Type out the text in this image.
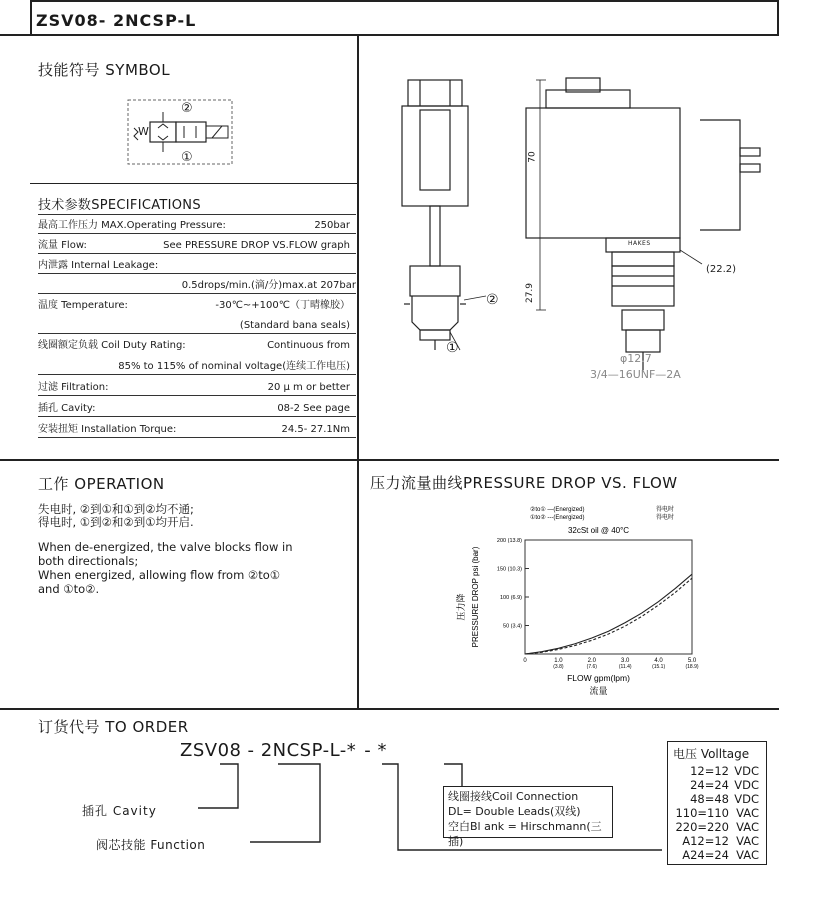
ZSV08- 2NCSP-L
技能符号 SYMBOL
②
①
W
技术参数SPECIFICATIONS
最高工作压力 MAX.Operating Pressure:	250bar
流量 Flow:	See PRESSURE DROP VS.FLOW graph
内泄露 Internal Leakage:
0.5drops/min.(滴/分)max.at 207bar
温度 Temperature:	-30℃~+100℃（丁晴橡胶）
(Standard bana seals)
线圈额定负载 Coil Duty Rating:	Continuous from
85% to 115% of nominal voltage(连续工作电压)
过滤 Filtration:	20 μ m or better
插孔 Cavity:	08-2 See page
安装扭矩 Installation Torque:	24.5- 27.1Nm
70
27.9
(22.2)
φ12.7
3/4—16UNF—2A
HAKES
②
①
工作 OPERATION
失电时, ②到①和①到②均不通;
得电时, ①到②和②到①均开启.
When de-energized, the valve blocks flow in
both directionals;
When energized, allowing flow from ②to①
and ①to②.
压力流量曲线PRESSURE DROP VS. FLOW
50 (3.4)
100 (6.9)
150 (10.3)
200 (13.8)
0	1.0
(3.8)
2.0
(7.6)
3.0
(11.4)
4.0
(15.1)
5.0
(18.9)
②to① —(Energized)	得电时
①to② ---(Energized)	得电时
32cSt oil @ 40°C
FLOW gpm(lpm)
流量
PRESSURE DROP psi (bar)
压力降
订货代号 TO ORDER
ZSV08 - 2NCSP-L-* - *
插孔 Cavity
阀芯技能 Function
线圈接线Coil Connection
DL= Double Leads(双线)
空白Bl ank = Hirschmann(三插)
电压 Volltage
12=12 VDC
24=24 VDC
48=48 VDC
110=110 VAC
220=220 VAC
A12=12 VAC
A24=24 VAC
